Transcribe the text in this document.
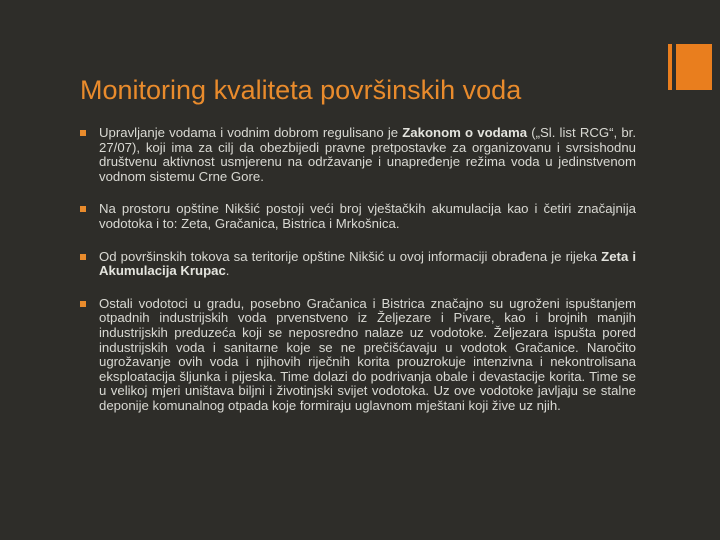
Monitoring kvaliteta površinskih voda
Upravljanje vodama i vodnim dobrom regulisano je Zakonom o vodama („Sl. list RCG“, br. 27/07), koji ima za cilj da obezbijedi pravne pretpostavke za organizovanu i svrsishodnu društvenu aktivnost usmjerenu na održavanje i unapređenje režima voda u jedinstvenom vodnom sistemu Crne Gore.
Na prostoru opštine Nikšić postoji veći broj vještačkih akumulacija kao i četiri značajnija vodotoka i to: Zeta, Gračanica, Bistrica i Mrkošnica.
Od površinskih tokova sa teritorije opštine Nikšić u ovoj informaciji obrađena je rijeka Zeta i Akumulacija Krupac.
Ostali vodotoci u gradu, posebno Gračanica i Bistrica značajno su ugroženi ispuštanjem otpadnih industrijskih voda prvenstveno iz Željezare i Pivare, kao i brojnih manjih industrijskih preduzeća koji se neposredno nalaze uz vodotoke. Željezara ispušta pored industrijskih voda i sanitarne koje se ne prečišćavaju u vodotok Gračanice. Naročito ugrožavanje ovih voda i njihovih riječnih korita prouzrokuje intenzivna i nekontrolisana eksploatacija šljunka i pijeska. Time dolazi do podrivanja obale i devastacije korita. Time se u velikoj mjeri uništava biljni i životinjski svijet vodotoka. Uz ove vodotoke javljaju se stalne deponije komunalnog otpada koje formiraju uglavnom mještani koji žive uz njih.
